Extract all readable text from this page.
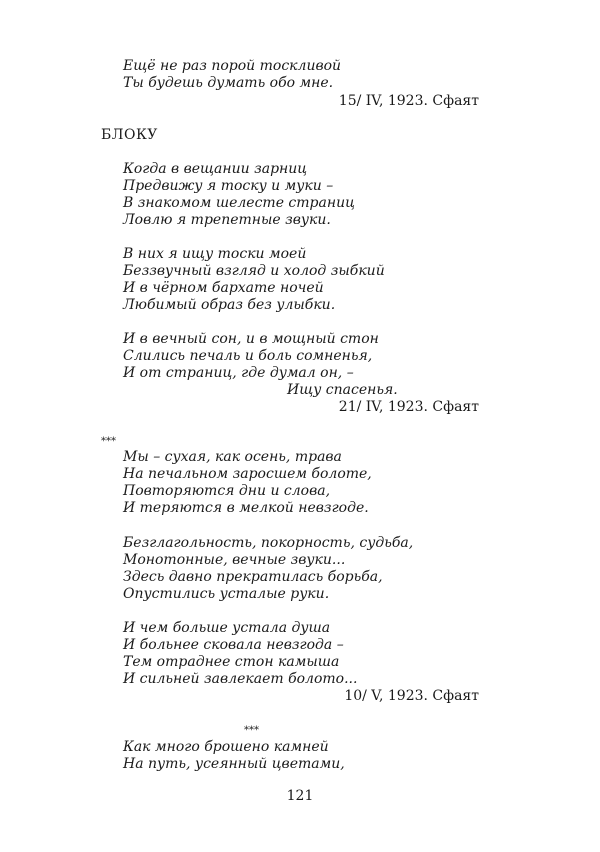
Ещё не раз порой тоскливой
Ты будешь думать обо мне.
15/ IV, 1923. Сфаят
БЛОКУ
Когда в вещании зарниц
Предвижу я тоску и муки –
В знакомом шелесте страниц
Ловлю я трепетные звуки.
В них я ищу тоски моей
Беззвучный взгляд и холод зыбкий
И в чёрном бархате ночей
Любимый образ без улыбки.
И в вечный сон, и в мощный стон
Слились печаль и боль сомненья,
И от страниц, где думал он, –
Ищу спасенья.
21/ IV, 1923. Сфаят
***
Мы – сухая, как осень, трава
На печальном заросшем болоте,
Повторяются дни и слова,
И теряются в мелкой невзгоде.
Безглагольность, покорность, судьба,
Монотонные, вечные звуки...
Здесь давно прекратилась борьба,
Опустились усталые руки.
И чем больше устала душа
И больнее сковала невзгода –
Тем отраднее стон камыша
И сильней завлекает болото...
10/ V, 1923. Сфаят
***
Как много брошено камней
На путь, усеянный цветами,
121
